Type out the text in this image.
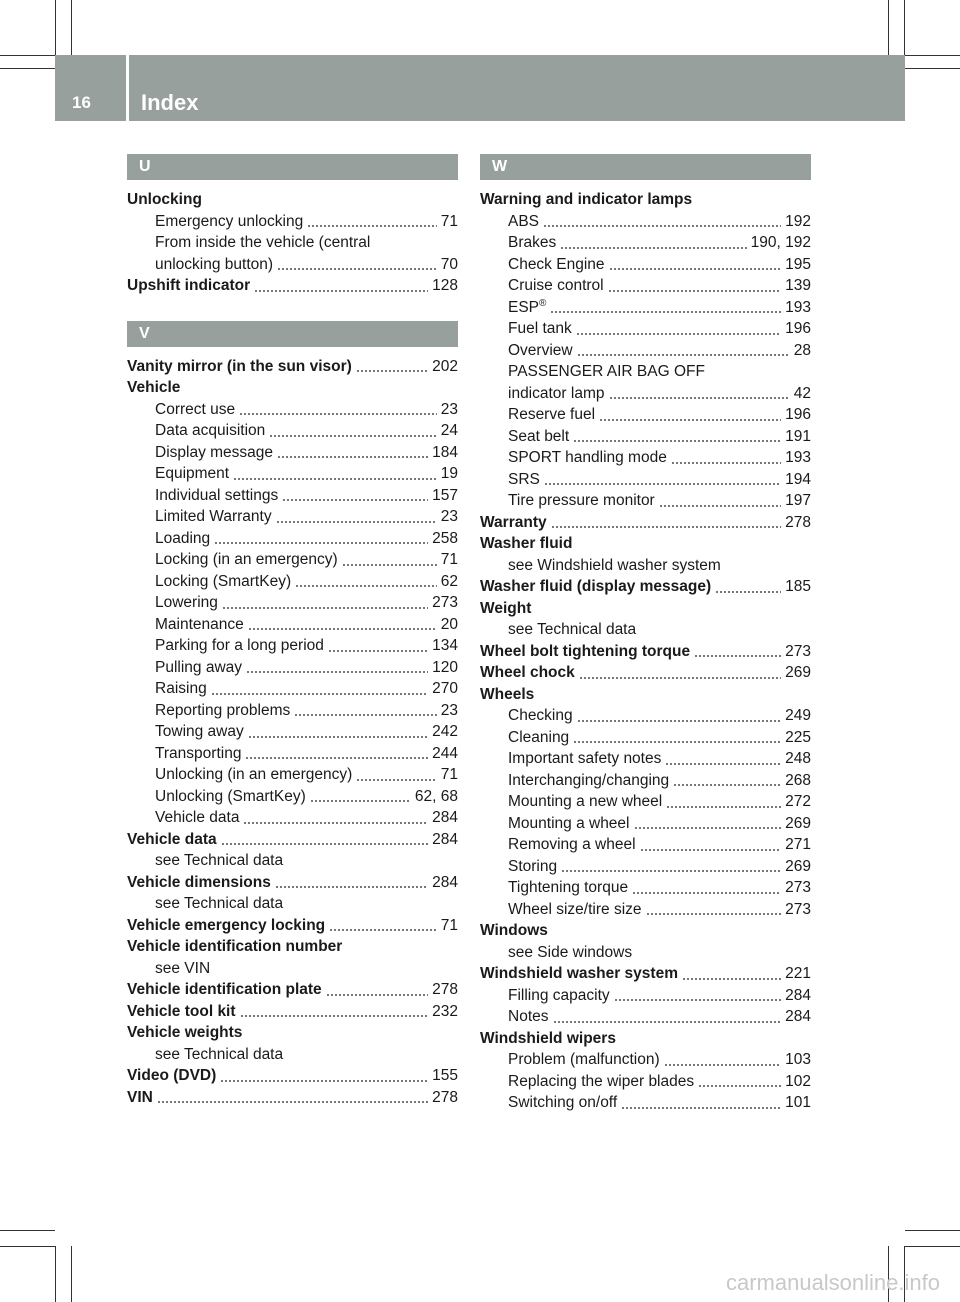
16 Index
U
Unlocking
Emergency unlocking	71
From inside the vehicle (central
unlocking button)	70
Upshift indicator	128
V
Vanity mirror (in the sun visor)	202
Vehicle
Correct use	23
Data acquisition	24
Display message	184
Equipment	19
Individual settings	157
Limited Warranty	23
Loading	258
Locking (in an emergency)	71
Locking (SmartKey)	62
Lowering	273
Maintenance	20
Parking for a long period	134
Pulling away	120
Raising	270
Reporting problems	23
Towing away	242
Transporting	244
Unlocking (in an emergency)	71
Unlocking (SmartKey)	62, 68
Vehicle data	284
Vehicle data	284
see Technical data
Vehicle dimensions	284
see Technical data
Vehicle emergency locking	71
Vehicle identification number
see VIN
Vehicle identification plate	278
Vehicle tool kit	232
Vehicle weights
see Technical data
Video (DVD)	155
VIN	278
W
Warning and indicator lamps
ABS	192
Brakes	190, 192
Check Engine	195
Cruise control	139
ESP®	193
Fuel tank	196
Overview	28
PASSENGER AIR BAG OFF
indicator lamp	42
Reserve fuel	196
Seat belt	191
SPORT handling mode	193
SRS	194
Tire pressure monitor	197
Warranty	278
Washer fluid
see Windshield washer system
Washer fluid (display message)	185
Weight
see Technical data
Wheel bolt tightening torque	273
Wheel chock	269
Wheels
Checking	249
Cleaning	225
Important safety notes	248
Interchanging/changing	268
Mounting a new wheel	272
Mounting a wheel	269
Removing a wheel	271
Storing	269
Tightening torque	273
Wheel size/tire size	273
Windows
see Side windows
Windshield washer system	221
Filling capacity	284
Notes	284
Windshield wipers
Problem (malfunction)	103
Replacing the wiper blades	102
Switching on/off	101
carmanualsonline.info
